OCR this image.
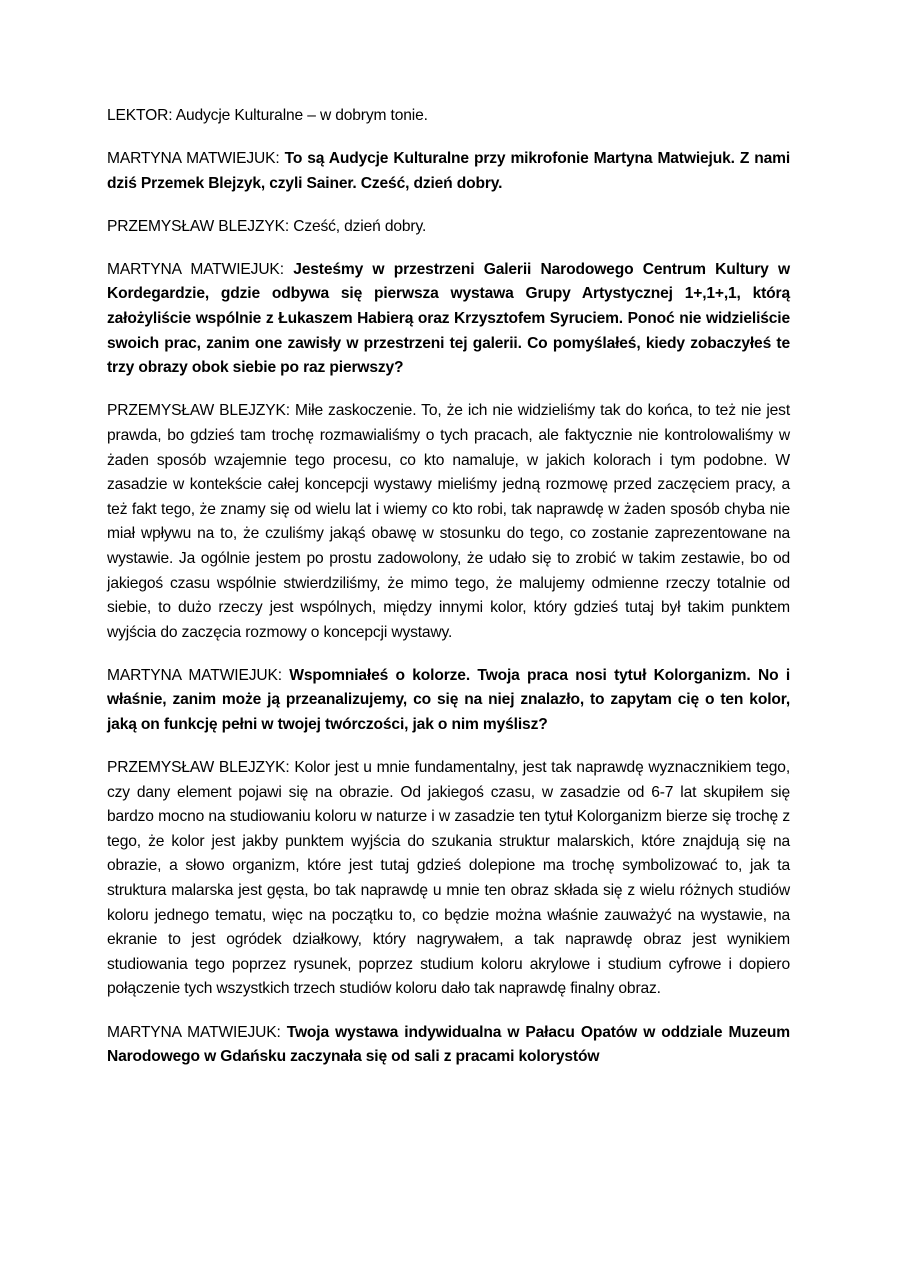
LEKTOR: Audycje Kulturalne – w dobrym tonie.

MARTYNA MATWIEJUK: To są Audycje Kulturalne przy mikrofonie Martyna Matwiejuk. Z nami dziś Przemek Blejzyk, czyli Sainer. Cześć, dzień dobry.

PRZEMYSŁAW BLEJZYK: Cześć, dzień dobry.

MARTYNA MATWIEJUK: Jesteśmy w przestrzeni Galerii Narodowego Centrum Kultury w Kordegardzie, gdzie odbywa się pierwsza wystawa Grupy Artystycznej 1+,1+,1, którą założyliście wspólnie z Łukaszem Habierą oraz Krzysztofem Syruciem. Ponoć nie widzieliście swoich prac, zanim one zawisły w przestrzeni tej galerii. Co pomyślałeś, kiedy zobaczyłeś te trzy obrazy obok siebie po raz pierwszy?

PRZEMYSŁAW BLEJZYK: Miłe zaskoczenie. To, że ich nie widzieliśmy tak do końca, to też nie jest prawda, bo gdzieś tam trochę rozmawialiśmy o tych pracach, ale faktycznie nie kontrolowaliśmy w żaden sposób wzajemnie tego procesu, co kto namaluje, w jakich kolorach i tym podobne. W zasadzie w kontekście całej koncepcji wystawy mieliśmy jedną rozmowę przed zaczęciem pracy, a też fakt tego, że znamy się od wielu lat i wiemy co kto robi, tak naprawdę w żaden sposób chyba nie miał wpływu na to, że czuliśmy jakąś obawę w stosunku do tego, co zostanie zaprezentowane na wystawie. Ja ogólnie jestem po prostu zadowolony, że udało się to zrobić w takim zestawie, bo od jakiegoś czasu wspólnie stwierdziliśmy, że mimo tego, że malujemy odmienne rzeczy totalnie od siebie, to dużo rzeczy jest wspólnych, między innymi kolor, który gdzieś tutaj był takim punktem wyjścia do zaczęcia rozmowy o koncepcji wystawy.

MARTYNA MATWIEJUK: Wspomniałeś o kolorze. Twoja praca nosi tytuł Kolorganizm. No i właśnie, zanim może ją przeanalizujemy, co się na niej znalazło, to zapytam cię o ten kolor, jaką on funkcję pełni w twojej twórczości, jak o nim myślisz?

PRZEMYSŁAW BLEJZYK: Kolor jest u mnie fundamentalny, jest tak naprawdę wyznacznikiem tego, czy dany element pojawi się na obrazie. Od jakiegoś czasu, w zasadzie od 6-7 lat skupiłem się bardzo mocno na studiowaniu koloru w naturze i w zasadzie ten tytuł Kolorganizm bierze się trochę z tego, że kolor jest jakby punktem wyjścia do szukania struktur malarskich, które znajdują się na obrazie, a słowo organizm, które jest tutaj gdzieś dolepione ma trochę symbolizować to, jak ta struktura malarska jest gęsta, bo tak naprawdę u mnie ten obraz składa się z wielu różnych studiów koloru jednego tematu, więc na początku to, co będzie można właśnie zauważyć na wystawie, na ekranie to jest ogródek działkowy, który nagrywałem, a tak naprawdę obraz jest wynikiem studiowania tego poprzez rysunek, poprzez studium koloru akrylowe i studium cyfrowe i dopiero połączenie tych wszystkich trzech studiów koloru dało tak naprawdę finalny obraz.

MARTYNA MATWIEJUK: Twoja wystawa indywidualna w Pałacu Opatów w oddziale Muzeum Narodowego w Gdańsku zaczynała się od sali z pracami kolorystów
